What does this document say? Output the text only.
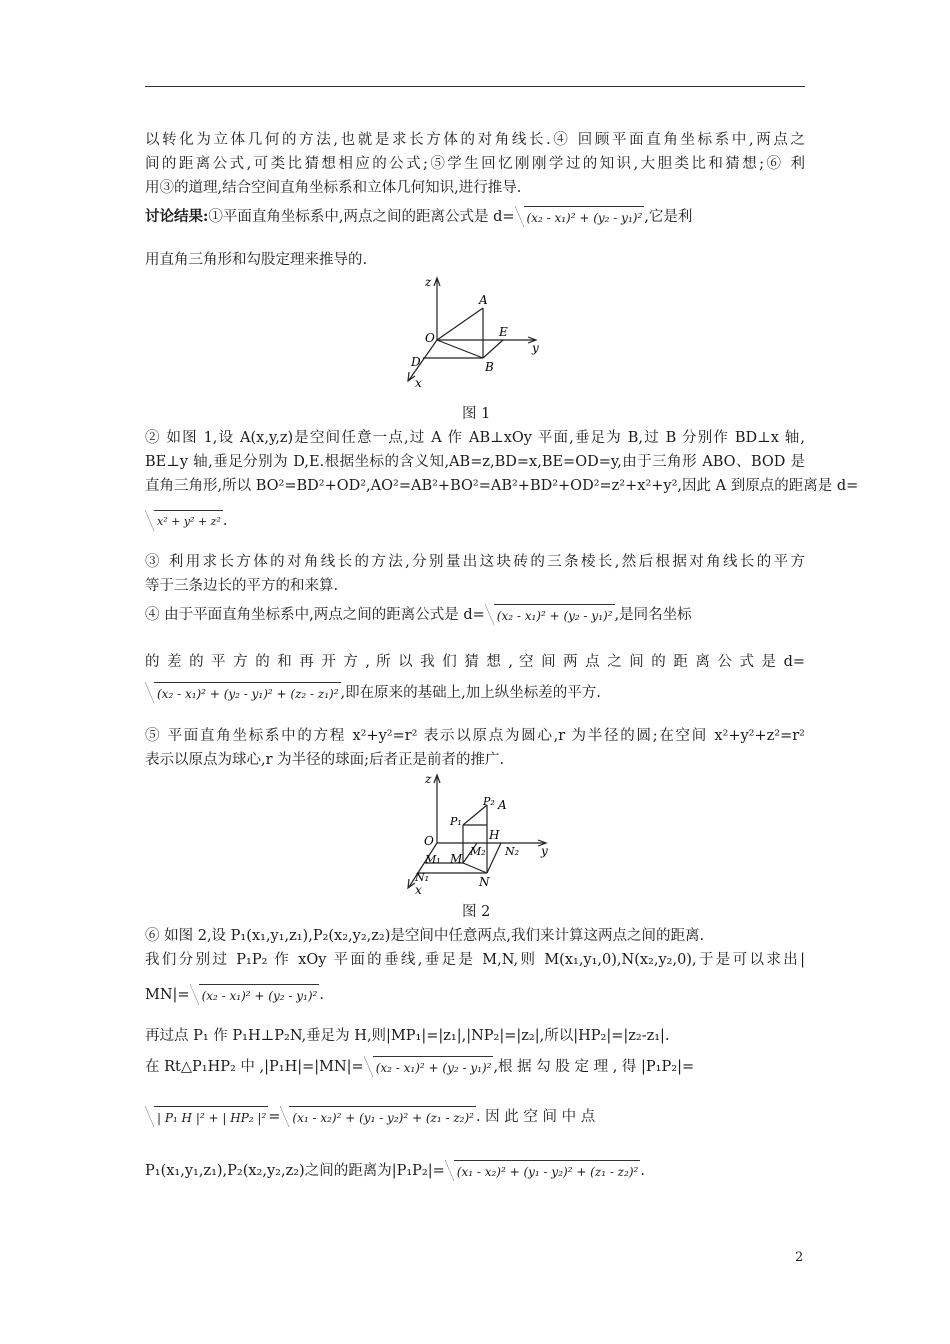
以转化为立体几何的方法,也就是求长方体的对角线长.④ 回顾平面直角坐标系中,两点之
间的距离公式,可类比猜想相应的公式;⑤学生回忆刚刚学过的知识,大胆类比和猜想;⑥ 利
用③的道理,结合空间直角坐标系和立体几何知识,进行推导.
讨论结果:①平面直角坐标系中,两点之间的距离公式是 d= (x₂ - x₁)² + (y₂ - y₁)² ,它是利
用直角三角形和勾股定理来推导的.
z
y
x
O
A
B
D
E
图 1
② 如图 1,设 A(x,y,z)是空间任意一点,过 A 作 AB⊥xOy 平面,垂足为 B,过 B 分别作 BD⊥x 轴,
BE⊥y 轴,垂足分别为 D,E.根据坐标的含义知,AB=z,BD=x,BE=OD=y,由于三角形 ABO、BOD 是
直角三角形,所以 BO²=BD²+OD²,AO²=AB²+BO²=AB²+BD²+OD²=z²+x²+y²,因此 A 到原点的距离是 d=
x² + y² + z² .
③ 利用求长方体的对角线长的方法,分别量出这块砖的三条棱长,然后根据对角线长的平方
等于三条边长的平方的和来算.
④ 由于平面直角坐标系中,两点之间的距离公式是 d= (x₂ - x₁)² + (y₂ - y₁)² ,是同名坐标
的 差 的 平 方 的 和 再 开 方 , 所 以 我 们 猜 想 , 空 间 两 点 之 间 的 距 离 公 式 是 d=
(x₂ - x₁)² + (y₂ - y₁)² + (z₂ - z₁)² ,即在原来的基础上,加上纵坐标差的平方.
⑤ 平面直角坐标系中的方程 x²+y²=r² 表示以原点为圆心,r 为半径的圆;在空间 x²+y²+z²=r²
表示以原点为球心,r 为半径的球面;后者正是前者的推广.
z
y
x
O
A
P₂
P₁
H
M
M₁
M₂
N
N₁
N₂
图 2
⑥ 如图 2,设 P₁(x₁,y₁,z₁),P₂(x₂,y₂,z₂)是空间中任意两点,我们来计算这两点之间的距离.
我们分别过 P₁P₂ 作 xOy 平面的垂线,垂足是 M,N,则 M(x₁,y₁,0),N(x₂,y₂,0),于是可以求出|
MN|= (x₂ - x₁)² + (y₂ - y₁)² .
再过点 P₁ 作 P₁H⊥P₂N,垂足为 H,则|MP₁|=|z₁|,|NP₂|=|z₂|,所以|HP₂|=|z₂-z₁|.
在 Rt△P₁HP₂ 中 ,|P₁H|=|MN|= (x₂ - x₁)² + (y₂ - y₁)² ,根 据 勾 股 定 理 , 得 |P₁P₂|=
| P₁ H |² + | HP₂ |² = (x₁ - x₂)² + (y₁ - y₂)² + (z₁ - z₂)² . 因 此 空 间 中 点
P₁(x₁,y₁,z₁),P₂(x₂,y₂,z₂)之间的距离为|P₁P₂|= (x₁ - x₂)² + (y₁ - y₂)² + (z₁ - z₂)² .
2
